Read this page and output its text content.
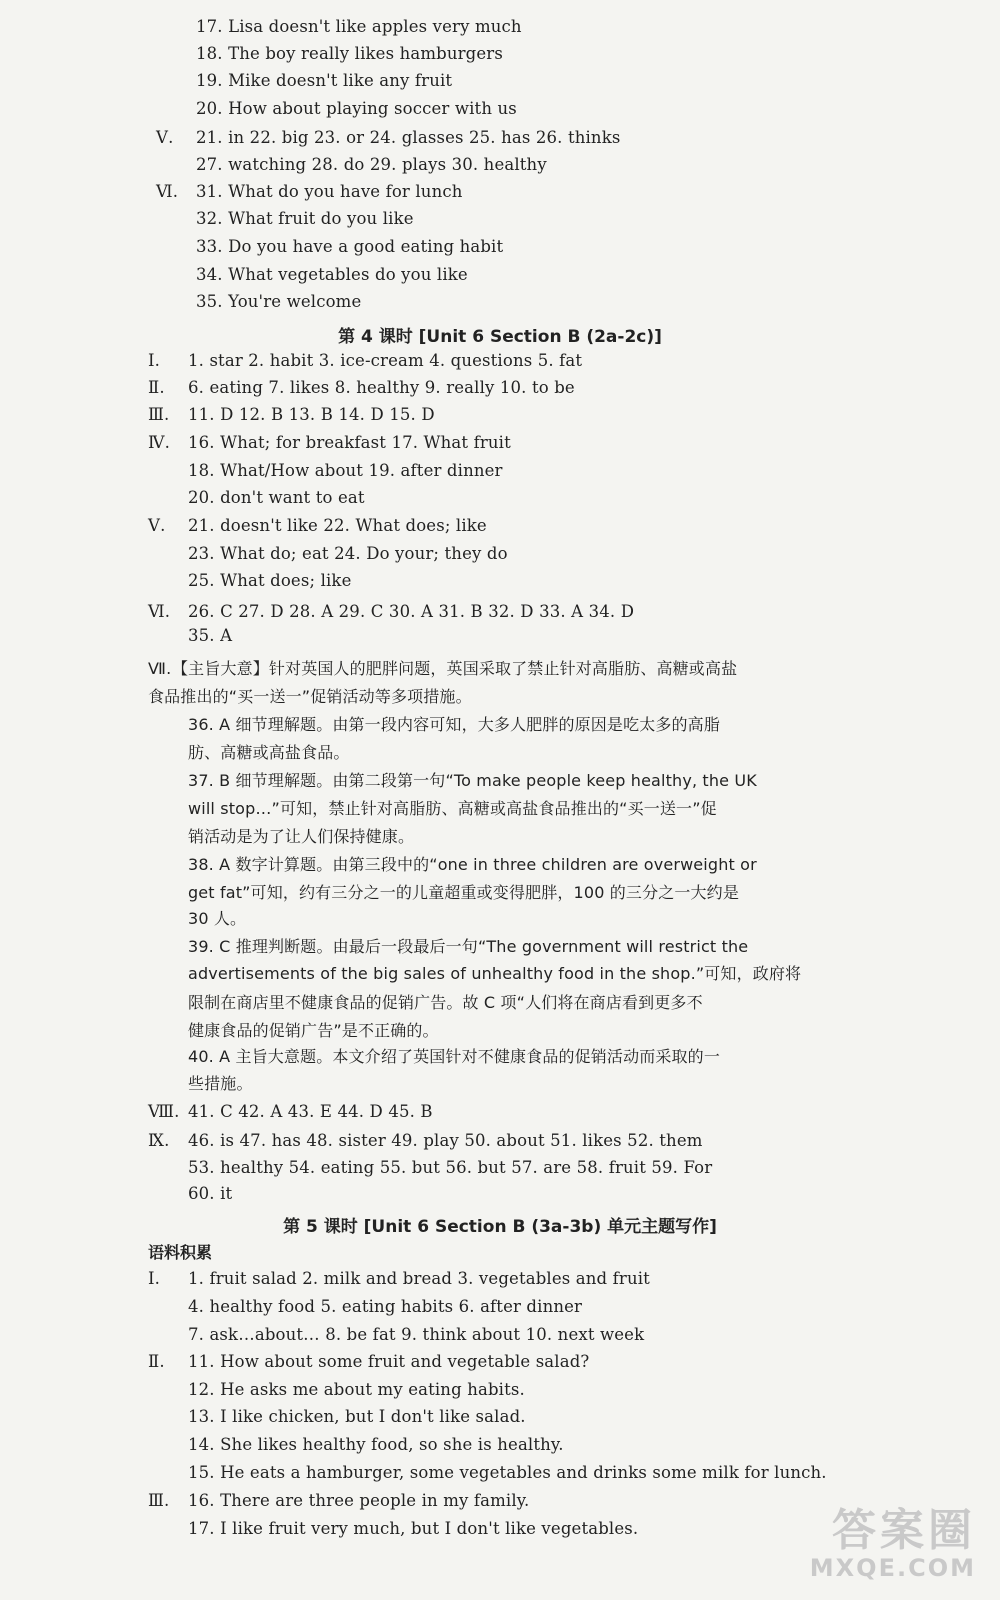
17. Lisa doesn't like apples very much
18. The boy really likes hamburgers
19. Mike doesn't like any fruit
20. How about playing soccer with us
Ⅴ. 21. in 22. big 23. or 24. glasses 25. has 26. thinks
27. watching 28. do 29. plays 30. healthy
Ⅵ. 31. What do you have for lunch
32. What fruit do you like
33. Do you have a good eating habit
34. What vegetables do you like
35. You're welcome
第 4 课时 [Unit 6 Section B (2a-2c)]
Ⅰ. 1. star 2. habit 3. ice-cream 4. questions 5. fat
Ⅱ. 6. eating 7. likes 8. healthy 9. really 10. to be
Ⅲ. 11. D 12. B 13. B 14. D 15. D
Ⅳ. 16. What; for breakfast 17. What fruit
18. What/How about 19. after dinner
20. don't want to eat
Ⅴ. 21. doesn't like 22. What does; like
23. What do; eat 24. Do your; they do
25. What does; like
Ⅵ. 26. C 27. D 28. A 29. C 30. A 31. B 32. D 33. A 34. D
35. A
Ⅶ.【主旨大意】针对英国人的肥胖问题，英国采取了禁止针对高脂肪、高糖或高盐
食品推出的“买一送一”促销活动等多项措施。
36. A 细节理解题。由第一段内容可知，大多人肥胖的原因是吃太多的高脂
肪、高糖或高盐食品。
37. B 细节理解题。由第二段第一句“To make people keep healthy, the UK
will stop…”可知，禁止针对高脂肪、高糖或高盐食品推出的“买一送一”促
销活动是为了让人们保持健康。
38. A 数字计算题。由第三段中的“one in three children are overweight or
get fat”可知，约有三分之一的儿童超重或变得肥胖，100 的三分之一大约是
30 人。
39. C 推理判断题。由最后一段最后一句“The government will restrict the
advertisements of the big sales of unhealthy food in the shop.”可知，政府将
限制在商店里不健康食品的促销广告。故 C 项“人们将在商店看到更多不
健康食品的促销广告”是不正确的。
40. A 主旨大意题。本文介绍了英国针对不健康食品的促销活动而采取的一
些措施。
Ⅷ. 41. C 42. A 43. E 44. D 45. B
Ⅸ. 46. is 47. has 48. sister 49. play 50. about 51. likes 52. them
53. healthy 54. eating 55. but 56. but 57. are 58. fruit 59. For
60. it
第 5 课时 [Unit 6 Section B (3a-3b) 单元主题写作]
语料积累
Ⅰ. 1. fruit salad 2. milk and bread 3. vegetables and fruit
4. healthy food 5. eating habits 6. after dinner
7. ask…about… 8. be fat 9. think about 10. next week
Ⅱ. 11. How about some fruit and vegetable salad?
12. He asks me about my eating habits.
13. I like chicken, but I don't like salad.
14. She likes healthy food, so she is healthy.
15. He eats a hamburger, some vegetables and drinks some milk for lunch.
Ⅲ. 16. There are three people in my family.
17. I like fruit very much, but I don't like vegetables.	答案圈
MXQE.COM
